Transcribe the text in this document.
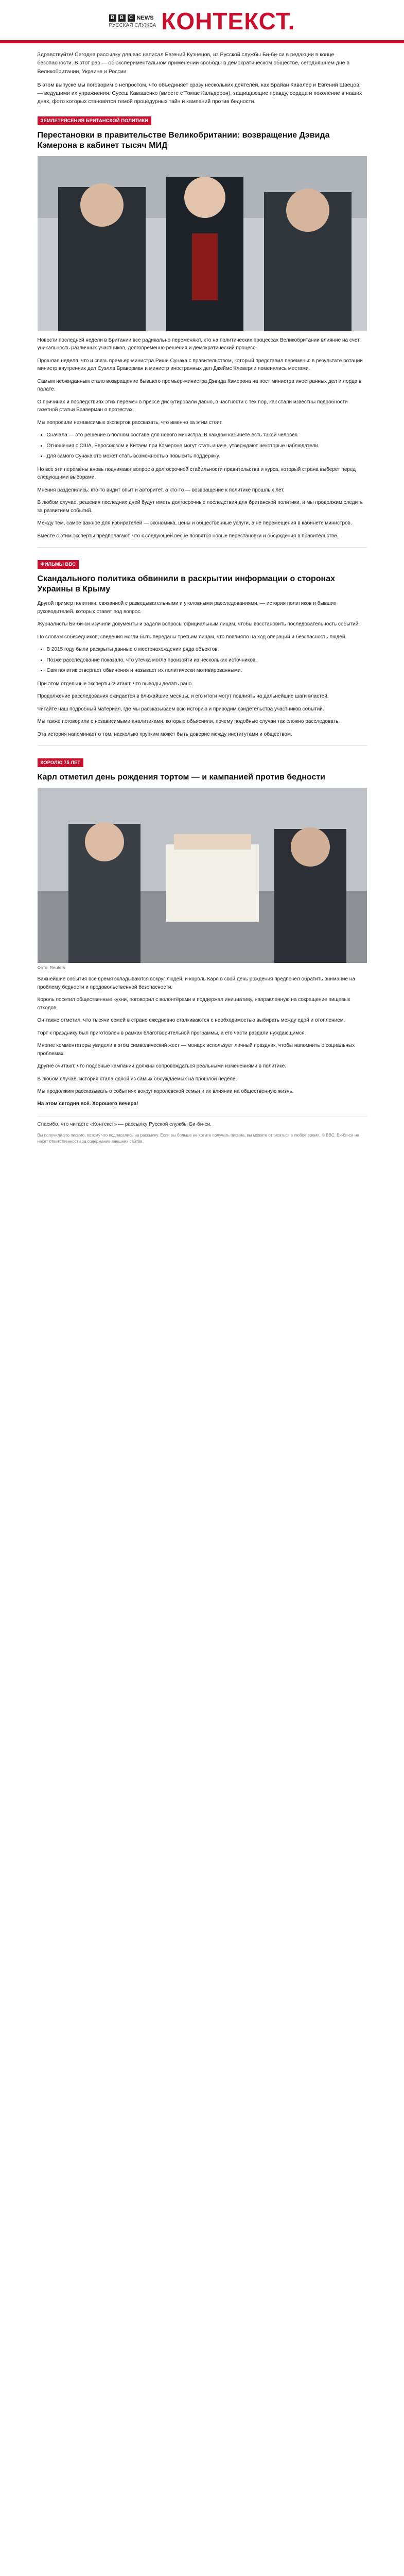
B	B	C NEWS
РУССКАЯ СЛУЖБА КОНТЕКСТ.

Здравствуйте! Сегодня рассылку для вас написал Евгений Кузнецов, из Русской службы Би-би-си в редакции в конце безопасности. В этот раз — об экспериментальном применении свободы в демократическом обществе, сегодняшнем дне в Великобритании, Украине и России.

В этом выпуске мы поговорим о непростом, что объединяет сразу нескольких деятелей, как Брайан Кавалер и Евгений Швецов, — ведущими их упражнения. Сусеш Кавашенко (вместе с Томас Кальдерон), защищающие правду, сердца и поколение в наших днях, фото которых становятся темой процедурных тайн и кампаний против бедности.

ЗЕМЛЕТРЯСЕНИЯ БРИТАНСКОЙ ПОЛИТИКИ
Перестановки в правительстве Великобритании: возвращение Дэвида Кэмерона в кабинет тысяч МИД

Новости последней недели в Британии все радикально переменяют, кто на политических процессах Великобритании влияние на счет уникальность различных участников, долговременно решения и демократический процесс.

Прошлая неделя, что и связь премьер-министра Риши Сунака с правительством, который представил перемены: в результате ротации министр внутренних дел Суэлла Браверман и министр иностранных дел Джеймс Клеверли поменялись местами.

Самым неожиданным стало возвращение бывшего премьер-министра Дэвида Кэмерона на пост министра иностранных дел и лорда в палате.

О причинах и последствиях этих перемен в прессе дискутировали давно, в частности с тех пор, как стали известны подробности газетной статьи Браверман о протестах.

Мы попросили независимых экспертов рассказать, что именно за этим стоит.

• Сначала — это решение в полном составе для нового министра. В каждом кабинете есть такой человек.
• Отношения с США, Евросоюзом и Китаем при Кэмероне могут стать иначе, утверждают некоторые наблюдатели.
• Для самого Сунака это может стать возможностью повысить поддержку.

Но все эти перемены вновь поднимают вопрос о долгосрочной стабильности правительства и курса, который страна выберет перед следующими выборами.

Мнения разделились: кто-то видит опыт и авторитет, а кто-то — возвращение к политике прошлых лет.

В любом случае, решения последних дней будут иметь долгосрочные последствия для британской политики, и мы продолжим следить за развитием событий.

Между тем, самое важное для избирателей — экономика, цены и общественные услуги, а не перемещения в кабинете министров.

Вместе с этим эксперты предполагают, что к следующей весне появятся новые перестановки и обсуждения в правительстве.

ФИЛЬМЫ BBC
Скандального политика обвинили в раскрытии информации о сторонах Украины в Крыму

Другой пример политики, связанной с разведывательными и уголовными расследованиями, — история политиков и бывших руководителей, которых ставят под вопрос.

Журналисты Би-би-си изучили документы и задали вопросы официальным лицам, чтобы восстановить последовательность событий.

По словам собеседников, сведения могли быть переданы третьим лицам, что повлияло на ход операций и безопасность людей.

• В 2015 году были раскрыты данные о местонахождении ряда объектов.
• Позже расследование показало, что утечка могла произойти из нескольких источников.
• Сам политик отвергает обвинения и называет их политически мотивированными.

При этом отдельные эксперты считают, что выводы делать рано.

Продолжение расследования ожидается в ближайшие месяцы, и его итоги могут повлиять на дальнейшие шаги властей.

Читайте наш подробный материал, где мы рассказываем всю историю и приводим свидетельства участников событий.

Мы также поговорили с независимыми аналитиками, которые объяснили, почему подобные случаи так сложно расследовать.

Эта история напоминает о том, насколько хрупким может быть доверие между институтами и обществом.

КОРОЛЮ 75 ЛЕТ
Карл отметил день рождения тортом — и кампанией против бедности

Фото: Reuters

Важнейшие события всё время складываются вокруг людей, и король Карл в свой день рождения предпочёл обратить внимание на проблему бедности и продовольственной безопасности.

Король посетил общественные кухни, поговорил с волонтёрами и поддержал инициативу, направленную на сокращение пищевых отходов.

Он также отметил, что тысячи семей в стране ежедневно сталкиваются с необходимостью выбирать между едой и отоплением.

Торт к празднику был приготовлен в рамках благотворительной программы, а его части раздали нуждающимся.

Многие комментаторы увидели в этом символический жест — монарх использует личный праздник, чтобы напомнить о социальных проблемах.

Другие считают, что подобные кампании должны сопровождаться реальными изменениями в политике.

В любом случае, история стала одной из самых обсуждаемых на прошлой неделе.

Мы продолжим рассказывать о событиях вокруг королевской семьи и их влиянии на общественную жизнь.

На этом сегодня всё. Хорошего вечера!

Спасибо, что читаете «Контекст» — рассылку Русской службы Би-би-си.

Вы получили это письмо, потому что подписались на рассылку. Если вы больше не хотите получать письма, вы можете отписаться в любое время. © BBC. Би-би-си не несет ответственности за содержание внешних сайтов.
